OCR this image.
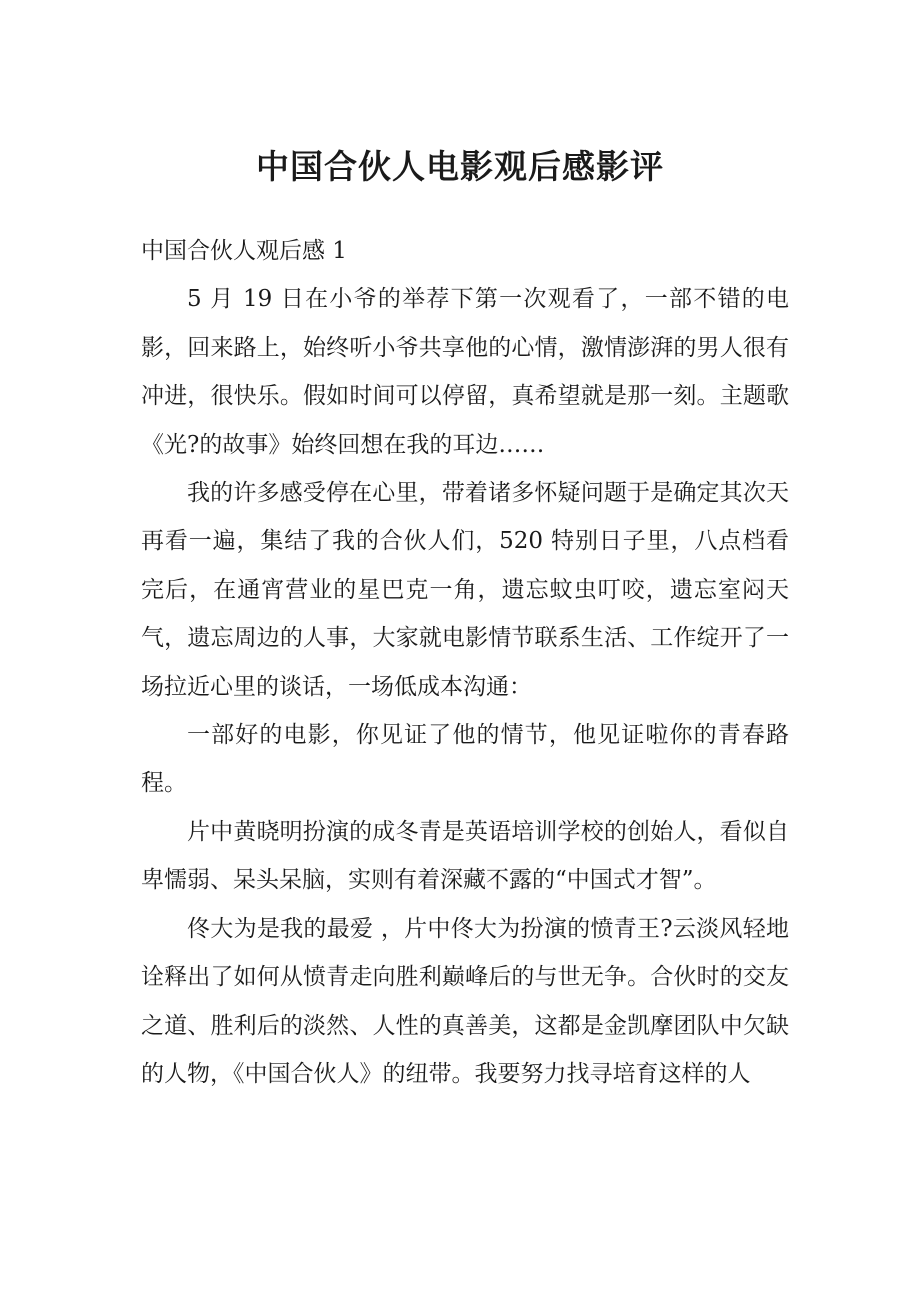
中国合伙人电影观后感影评
中国合伙人观后感 1

5 月 19 日在小爷的举荐下第一次观看了，一部不错的电影，回来路上，始终听小爷共享他的心情，激情澎湃的男人很有冲进，很快乐。假如时间可以停留，真希望就是那一刻。主题歌《光?的故事》始终回想在我的耳边……

我的许多感受停在心里，带着诸多怀疑问题于是确定其次天再看一遍，集结了我的合伙人们，520 特别日子里，八点档看完后，在通宵营业的星巴克一角，遗忘蚊虫叮咬，遗忘室闷天气，遗忘周边的人事，大家就电影情节联系生活、工作绽开了一场拉近心里的谈话，一场低成本沟通：

一部好的电影，你见证了他的情节，他见证啦你的青春路程。

片中黄晓明扮演的成冬青是英语培训学校的创始人，看似自卑懦弱、呆头呆脑，实则有着深藏不露的“中国式才智”。

佟大为是我的最爱 ，片中佟大为扮演的愤青王?云淡风轻地诠释出了如何从愤青走向胜利巅峰后的与世无争。合伙时的交友之道、胜利后的淡然、人性的真善美，这都是金凯摩团队中欠缺的人物，《中国合伙人》的纽带。我要努力找寻培育这样的人
